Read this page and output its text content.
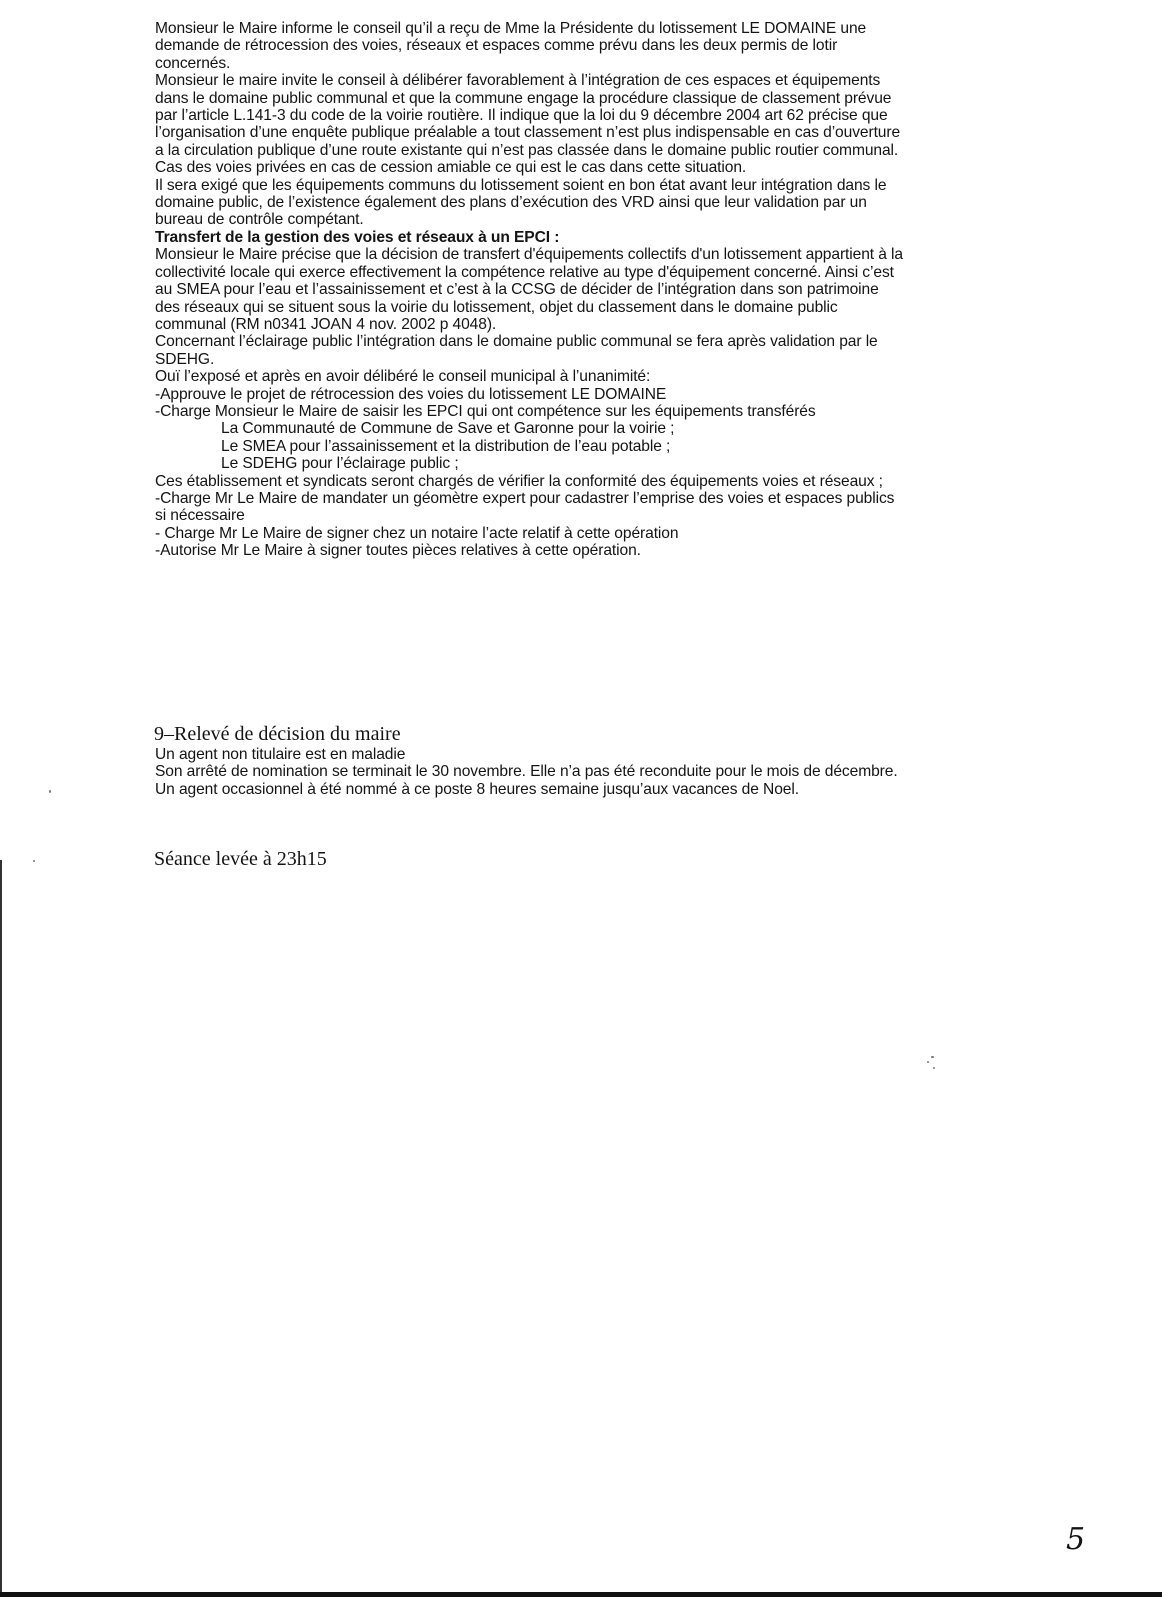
Monsieur le Maire informe le conseil qu’il a reçu de Mme la Présidente du lotissement LE DOMAINE une

demande de rétrocession des voies, réseaux et espaces comme prévu dans les deux permis de lotir

concernés.

Monsieur le maire invite le conseil à délibérer favorablement à l’intégration de ces espaces et équipements

dans le domaine public communal et que la commune engage la procédure classique de classement prévue

par l’article L.141-3 du code de la voirie routière. Il indique que la loi du 9 décembre 2004 art 62 précise que

l’organisation d’une enquête publique préalable a tout classement n’est plus indispensable en cas d’ouverture

a la circulation publique d’une route existante qui n’est pas classée dans le domaine public routier communal.

Cas des voies privées en cas de cession amiable ce qui est le cas dans cette situation.

Il sera exigé que les équipements communs du lotissement soient en bon état avant leur intégration dans le

domaine public, de l’existence également des plans d’exécution des VRD ainsi que leur validation par un

bureau de contrôle compétant.

Transfert de la gestion des voies et réseaux à un EPCI :

Monsieur le Maire précise que la décision de transfert d'équipements collectifs d'un lotissement appartient à la

collectivité locale qui exerce effectivement la compétence relative au type d'équipement concerné. Ainsi c’est

au SMEA pour l’eau et l’assainissement et c’est à la CCSG de décider de l’intégration dans son patrimoine

des réseaux qui se situent sous la voirie du lotissement, objet du classement dans le domaine public

communal (RM n0341 JOAN 4 nov. 2002 p 4048).

Concernant l’éclairage public l’intégration dans le domaine public communal se fera après validation par le

SDEHG.

Ouï l’exposé et après en avoir délibéré le conseil municipal à l’unanimité:

-Approuve le projet de rétrocession des voies du lotissement LE DOMAINE

-Charge Monsieur le Maire de saisir les EPCI qui ont compétence sur les équipements transférés

La Communauté de Commune de Save et Garonne pour la voirie ;

Le SMEA pour l’assainissement et la distribution de l’eau potable ;

Le SDEHG pour l’éclairage public ;

Ces établissement et syndicats seront chargés de vérifier la conformité des équipements voies et réseaux ;

-Charge Mr Le Maire de mandater un géomètre expert pour cadastrer l’emprise des voies et espaces publics

si nécessaire

- Charge Mr Le Maire de signer chez un notaire l’acte relatif à cette opération

-Autorise Mr Le Maire à signer toutes pièces relatives à cette opération.

9–Relevé de décision du maire

Un agent non titulaire est en maladie

Son arrêté de nomination se terminait le 30 novembre. Elle n’a pas été reconduite pour le mois de décembre.

Un agent occasionnel à été nommé à ce poste 8 heures semaine jusqu’aux vacances de Noel.

Séance levée à 23h15
5
